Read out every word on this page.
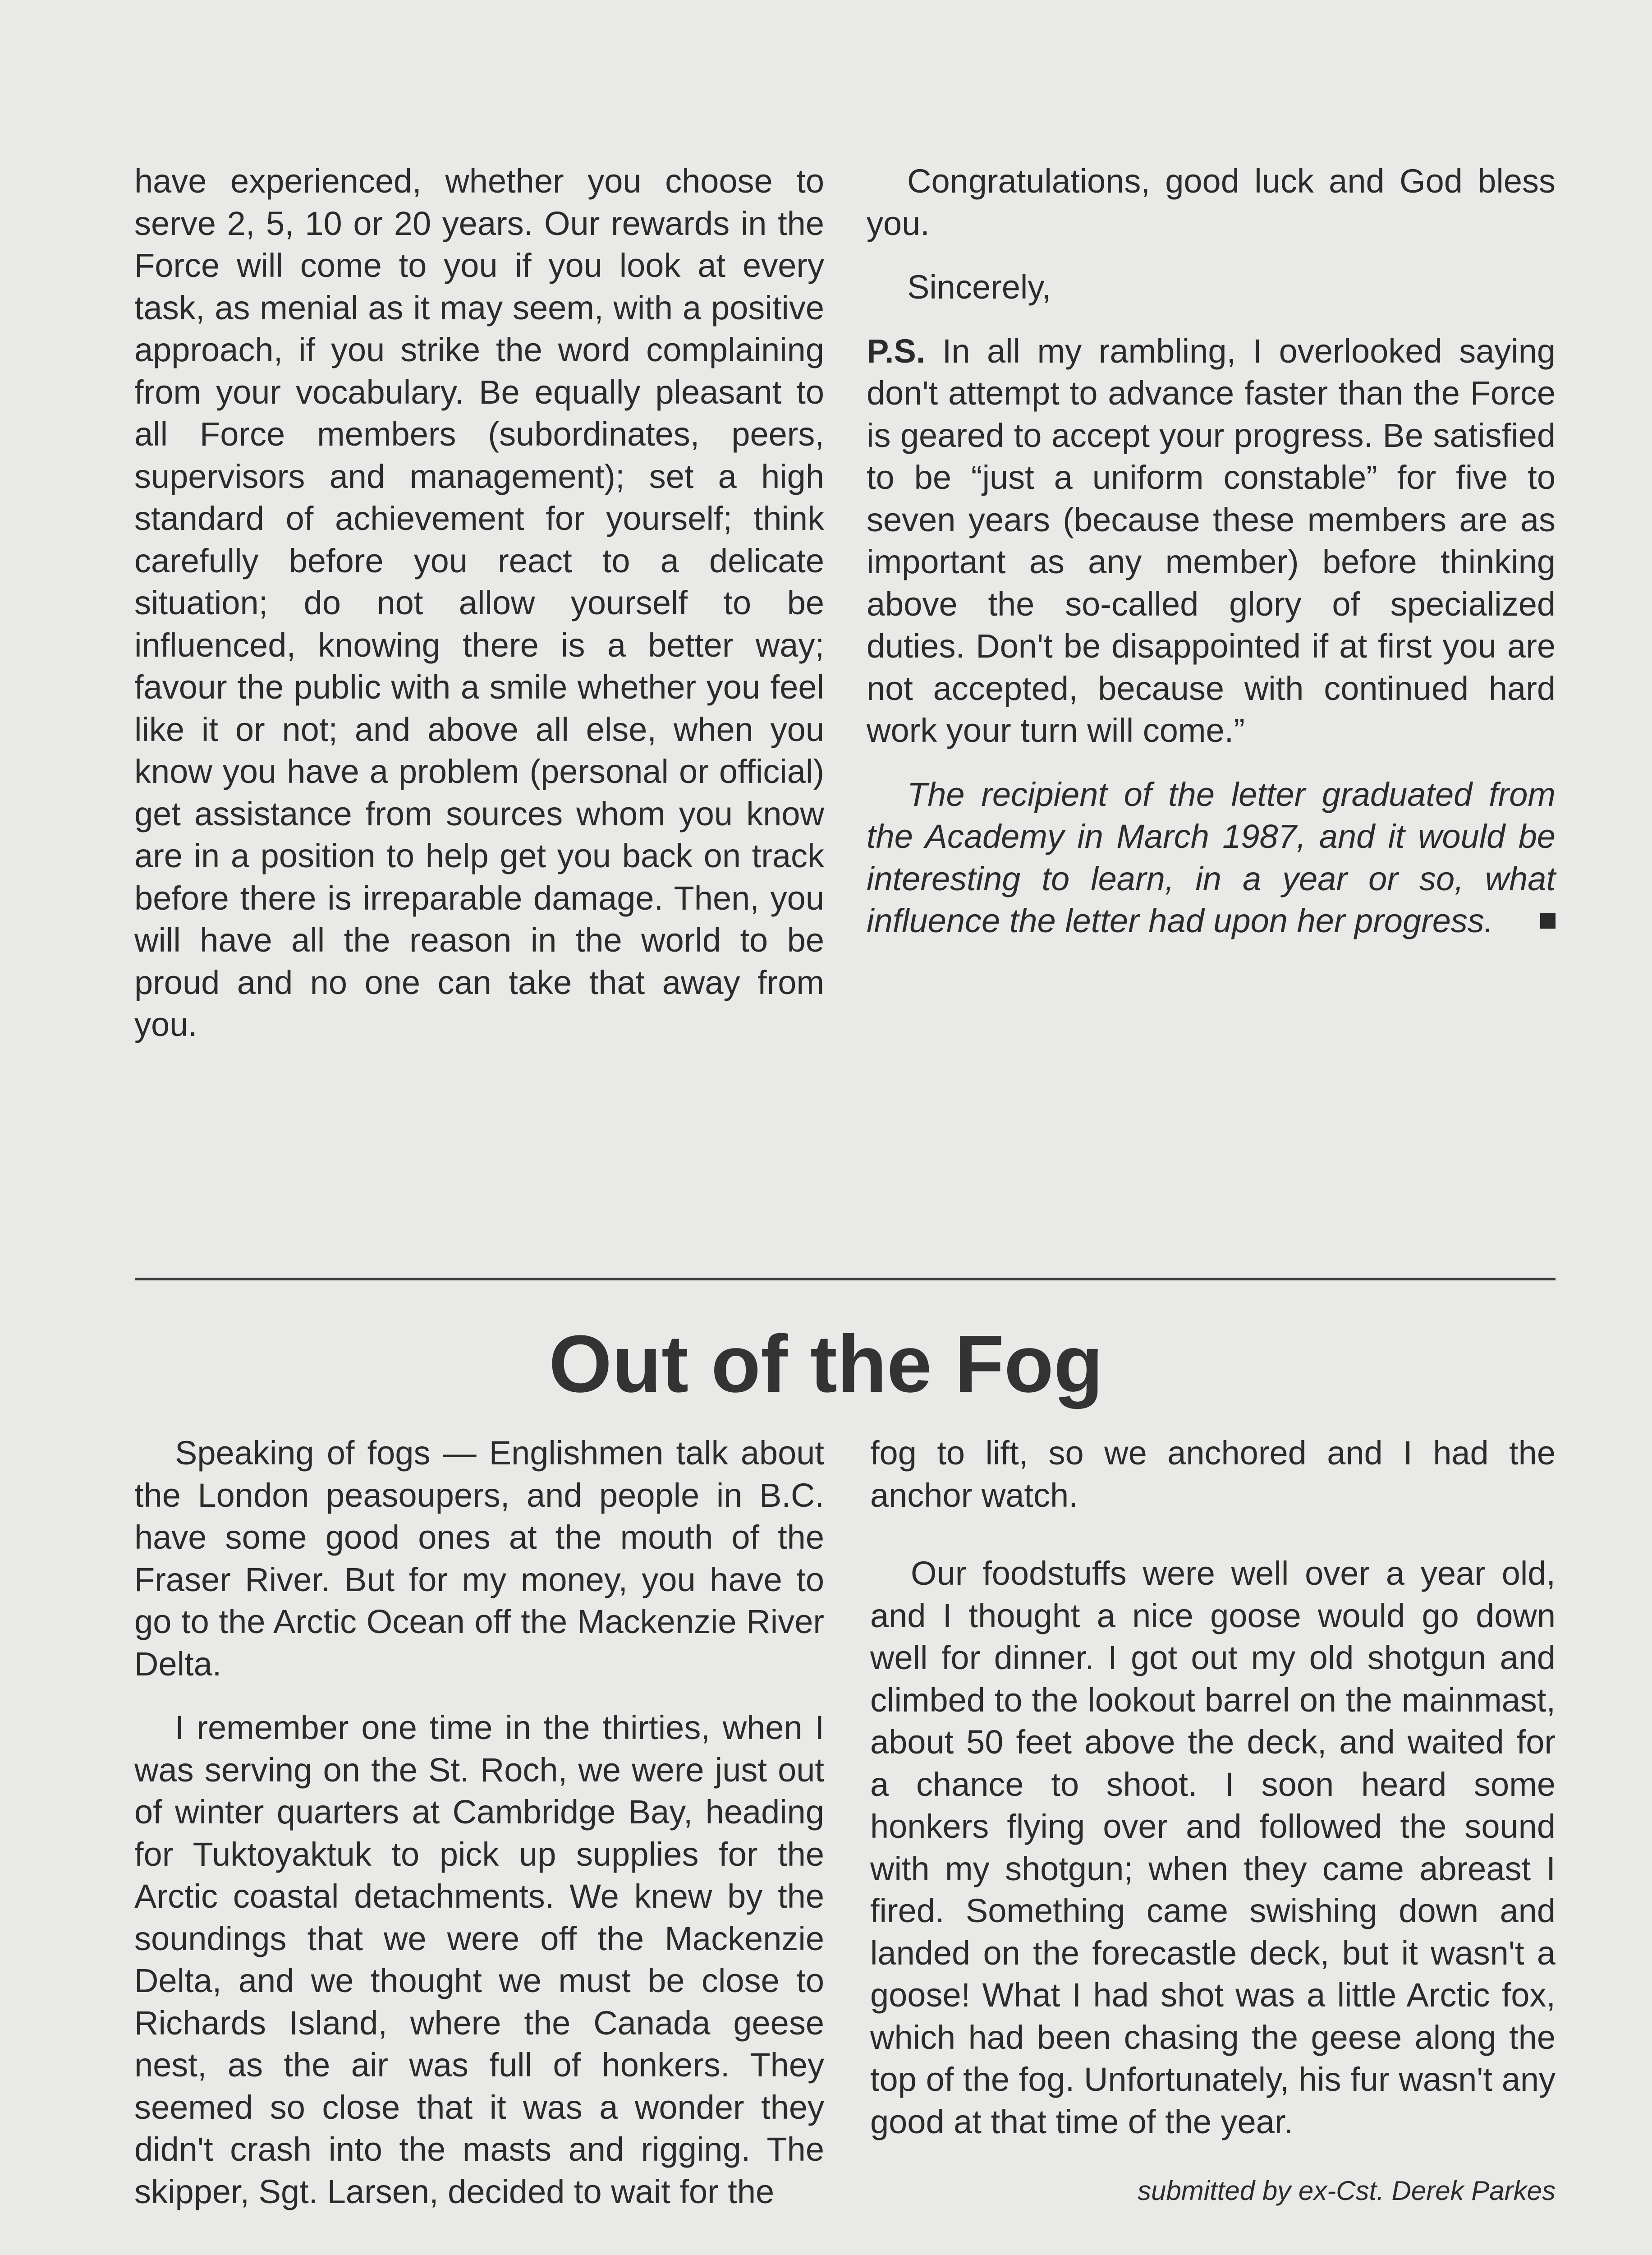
have experienced, whether you choose to serve 2, 5, 10 or 20 years. Our rewards in the Force will come to you if you look at every task, as menial as it may seem, with a positive approach, if you strike the word complaining from your vocabulary. Be equally pleasant to all Force members (subordinates, peers, supervisors and management); set a high standard of achievement for yourself; think carefully before you react to a delicate situation; do not allow yourself to be influenced, knowing there is a better way; favour the public with a smile whether you feel like it or not; and above all else, when you know you have a problem (personal or official) get assistance from sources whom you know are in a position to help get you back on track before there is irreparable damage. Then, you will have all the reason in the world to be proud and no one can take that away from you.

Congratulations, good luck and God bless you.

Sincerely,

P.S. In all my rambling, I overlooked saying don't attempt to advance faster than the Force is geared to accept your progress. Be satisfied to be “just a uniform constable” for five to seven years (because these members are as important as any member) before thinking above the so-called glory of specialized duties. Don't be disappointed if at first you are not accepted, because with continued hard work your turn will come.”

The recipient of the letter graduated from the Academy in March 1987, and it would be interesting to learn, in a year or so, what influence the letter had upon her progress.

Out of the Fog

Speaking of fogs — Englishmen talk about the London peasoupers, and people in B.C. have some good ones at the mouth of the Fraser River. But for my money, you have to go to the Arctic Ocean off the Mackenzie River Delta.

I remember one time in the thirties, when I was serving on the St. Roch, we were just out of winter quarters at Cambridge Bay, heading for Tuktoyaktuk to pick up supplies for the Arctic coastal detachments. We knew by the soundings that we were off the Mackenzie Delta, and we thought we must be close to Richards Island, where the Canada geese nest, as the air was full of honkers. They seemed so close that it was a wonder they didn't crash into the masts and rigging. The skipper, Sgt. Larsen, decided to wait for the

fog to lift, so we anchored and I had the anchor watch.

Our foodstuffs were well over a year old, and I thought a nice goose would go down well for dinner. I got out my old shotgun and climbed to the lookout barrel on the mainmast, about 50 feet above the deck, and waited for a chance to shoot. I soon heard some honkers flying over and followed the sound with my shotgun; when they came abreast I fired. Something came swishing down and landed on the forecastle deck, but it wasn't a goose! What I had shot was a little Arctic fox, which had been chasing the geese along the top of the fog. Unfortunately, his fur wasn't any good at that time of the year.

submitted by ex-Cst. Derek Parkes
